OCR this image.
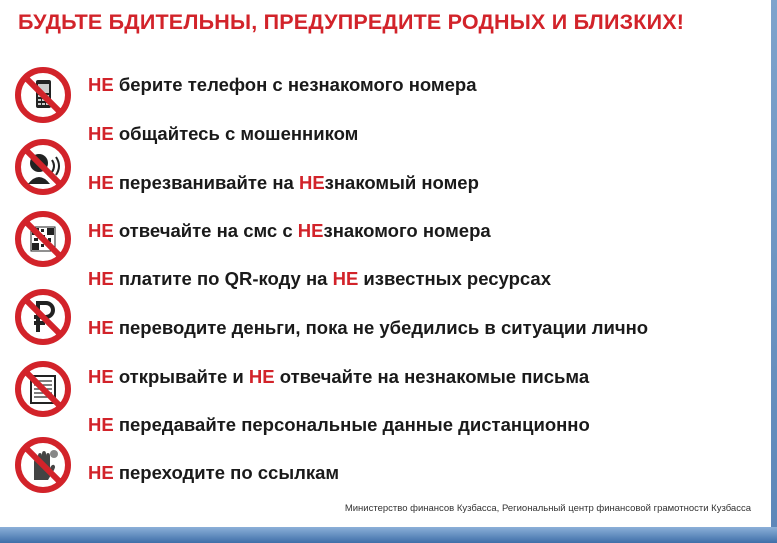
БУДЬТЕ БДИТЕЛЬНЫ, ПРЕДУПРЕДИТЕ РОДНЫХ И БЛИЗКИХ!
НЕ берите телефон с незнакомого номера
НЕ общайтесь с мошенником
НЕ перезванивайте на НЕзнакомый номер
НЕ отвечайте на смс с НЕзнакомого номера
НЕ платите по QR-коду на НЕ известных ресурсах
НЕ переводите деньги, пока не убедились в ситуации лично
НЕ открывайте и НЕ отвечайте на незнакомые письма
НЕ передавайте персональные данные дистанционно
НЕ переходите по ссылкам
Министерство финансов Кузбасса, Региональный центр финансовой грамотности Кузбасса
